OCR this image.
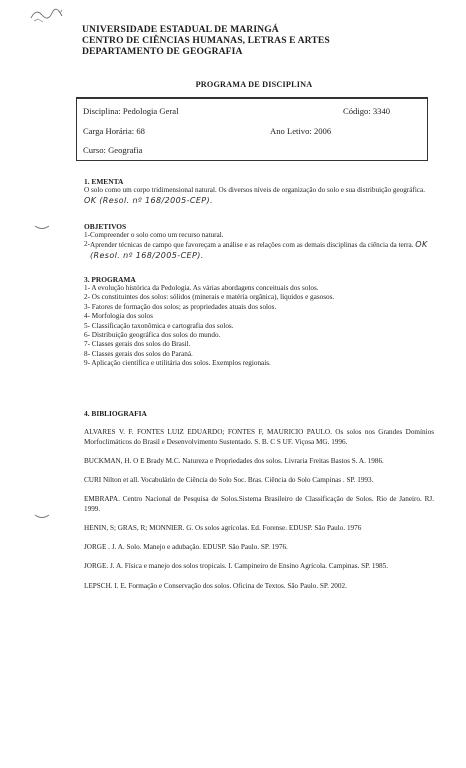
UNIVERSIDADE ESTADUAL DE MARINGÁ
CENTRO DE CIÊNCIAS HUMANAS, LETRAS E ARTES
DEPARTAMENTO DE GEOGRAFIA
PROGRAMA DE DISCIPLINA
Disciplina : Pedologia Geral	Código : 3340
Carga Horária : 68	Ano Letivo : 2006
Curso : Geografia
1. EMENTA
O solo como um corpo tridimensional natural. Os diversos níveis de organização do solo e sua distribuição geográfica. OK (Resol. nº 168/2005-CEP).
OBJETIVOS
1 - Compreender o solo como um recurso natural.
2 - Aprender técnicas de campo que favoreçam a análise e as relações com as demais disciplinas da ciência da terra. OK (Resol. nº 168/2005-CEP).
3. PROGRAMA
1 - A evolução histórica da Pedologia. As várias abordagens conceituais dos solos.
2 - Os constituintes dos solos: sólidos (minerais e matéria orgânica), líquidos e gasosos.
3 - Fatores de formação dos solos; as propriedades atuais dos solos.
4 - Morfologia dos solos
5 - Classificação taxonômica e cartografia dos solos.
6 - Distribuição geográfica dos solos do mundo.
7 - Classes gerais dos solos do Brasil.
8 - Classes gerais dos solos do Paraná.
9 - Aplicação científica e utilitária dos solos. Exemplos regionais.
4. BIBLIOGRAFIA
ALVARES V. F. FONTES LUIZ EDUARDO; FONTES F, MAURICIO PAULO. Os solos nos Grandes Domínios Morfoclimáticos do Brasil e Desenvolvimento Sustentado. S. B. C S UF. Viçosa MG. 1996.
BUCKMAN, H. O E Brady M.C. Natureza e Propriedades dos solos. Livraria Freitas Bastos S. A. 1986.
CURI Nilton et all. Vocabulário de Ciência do Solo Soc. Bras. Ciência do Solo Campinas . SP. 1993.
EMBRAPA. Centro Nacional de Pesquisa de Solos.Sistema Brasileiro de Classificação de Solos. Rio de Janeiro. RJ. 1999.
HENIN, S; GRAS, R; MONNIER. G. Os solos agrícolas. Ed. Forense. EDUSP. São Paulo. 1976
JORGE . J. A. Solo. Manejo e adubação. EDUSP. São Paulo. SP. 1976.
JORGE. J. A. Física e manejo dos solos tropicais. I. Campineiro de Ensino Agrícola. Campinas. SP. 1985.
LEPSCH. I. E. Formação e Conservação dos solos. Oficina de Textos. São Paulo. SP. 2002.
